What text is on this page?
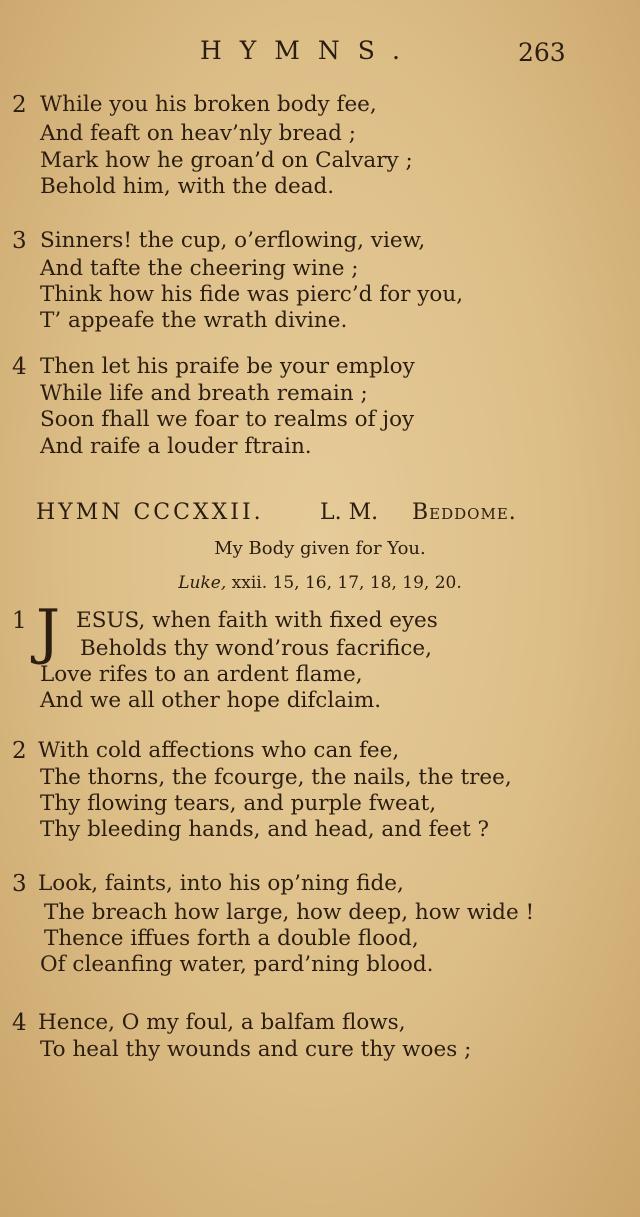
HYMNS.	263
2 While you his broken body fee,
And feaft on heav’nly bread ;
Mark how he groan’d on Calvary ;
Behold him, with the dead.
3 Sinners! the cup, o’erflowing, view,
And tafte the cheering wine ;
Think how his fide was pierc’d for you,
T’ appeafe the wrath divine.
4 Then let his praife be your employ
While life and breath remain ;
Soon fhall we foar to realms of joy
And raife a louder ftrain.
HYMN CCCXXII.	L. M. Beddome.
My Body given for You.
Luke, xxii. 15, 16, 17, 18, 19, 20.
1 ESUS, when faith with fixed eyes
Beholds thy wond’rous facrifice,
Love rifes to an ardent flame,
And we all other hope difclaim.
J
2 With cold affections who can fee,
The thorns, the fcourge, the nails, the tree,
Thy flowing tears, and purple fweat,
Thy bleeding hands, and head, and feet ?
3 Look, faints, into his op’ning fide,
The breach how large, how deep, how wide !
Thence iffues forth a double flood,
Of cleanfing water, pard’ning blood.
4 Hence, O my foul, a balfam flows,
To heal thy wounds and cure thy woes ;
